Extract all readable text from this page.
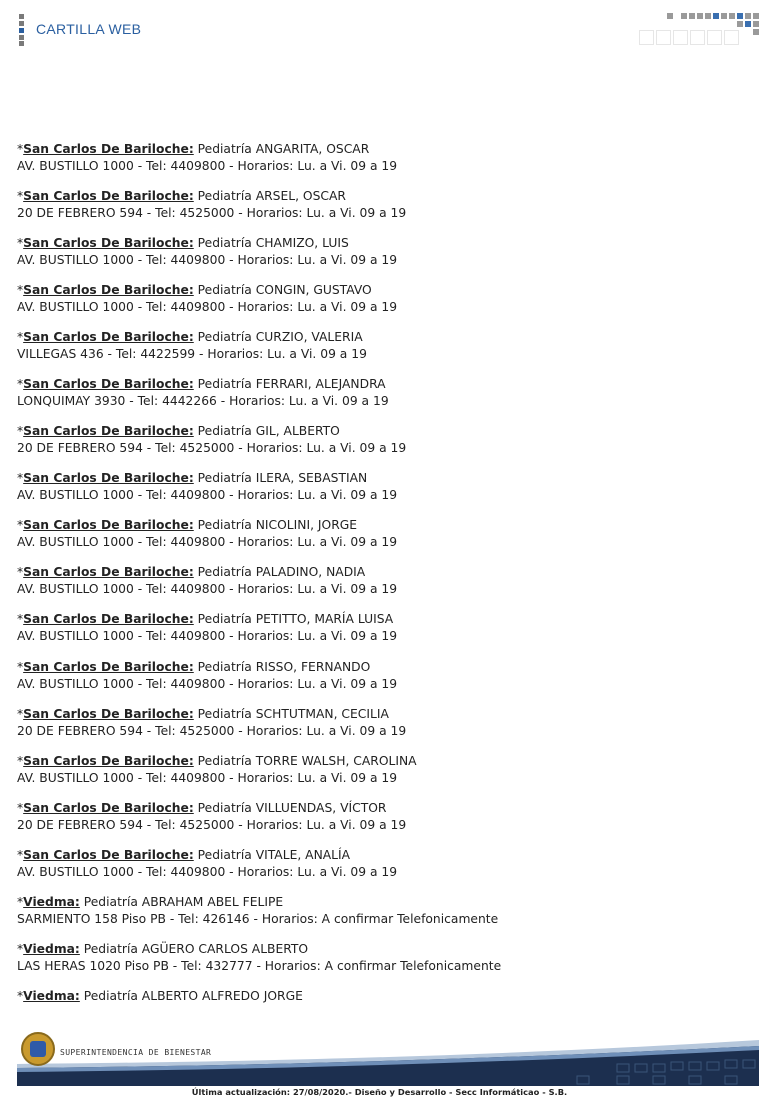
CARTILLA WEB
*San Carlos De Bariloche: Pediatría ANGARITA, OSCAR
AV. BUSTILLO 1000 - Tel: 4409800 - Horarios: Lu. a Vi. 09 a 19
*San Carlos De Bariloche: Pediatría ARSEL, OSCAR
20 DE FEBRERO 594 - Tel: 4525000 - Horarios: Lu. a Vi. 09 a 19
*San Carlos De Bariloche: Pediatría CHAMIZO, LUIS
AV. BUSTILLO 1000 - Tel: 4409800 - Horarios: Lu. a Vi. 09 a 19
*San Carlos De Bariloche: Pediatría CONGIN, GUSTAVO
AV. BUSTILLO 1000 - Tel: 4409800 - Horarios: Lu. a Vi. 09 a 19
*San Carlos De Bariloche: Pediatría CURZIO, VALERIA
VILLEGAS 436 - Tel: 4422599 - Horarios: Lu. a Vi. 09 a 19
*San Carlos De Bariloche: Pediatría FERRARI, ALEJANDRA
LONQUIMAY 3930 - Tel: 4442266 - Horarios: Lu. a Vi. 09 a 19
*San Carlos De Bariloche: Pediatría GIL, ALBERTO
20 DE FEBRERO 594 - Tel: 4525000 - Horarios: Lu. a Vi. 09 a 19
*San Carlos De Bariloche: Pediatría ILERA, SEBASTIAN
AV. BUSTILLO 1000 - Tel: 4409800 - Horarios: Lu. a Vi. 09 a 19
*San Carlos De Bariloche: Pediatría NICOLINI, JORGE
AV. BUSTILLO 1000 - Tel: 4409800 - Horarios: Lu. a Vi. 09 a 19
*San Carlos De Bariloche: Pediatría PALADINO, NADIA
AV. BUSTILLO 1000 - Tel: 4409800 - Horarios: Lu. a Vi. 09 a 19
*San Carlos De Bariloche: Pediatría PETITTO, MARÍA LUISA
AV. BUSTILLO 1000 - Tel: 4409800 - Horarios: Lu. a Vi. 09 a 19
*San Carlos De Bariloche: Pediatría RISSO, FERNANDO
AV. BUSTILLO 1000 - Tel: 4409800 - Horarios: Lu. a Vi. 09 a 19
*San Carlos De Bariloche: Pediatría SCHTUTMAN, CECILIA
20 DE FEBRERO 594 - Tel: 4525000 - Horarios: Lu. a Vi. 09 a 19
*San Carlos De Bariloche: Pediatría TORRE WALSH, CAROLINA
AV. BUSTILLO 1000 - Tel: 4409800 - Horarios: Lu. a Vi. 09 a 19
*San Carlos De Bariloche: Pediatría VILLUENDAS, VÍCTOR
20 DE FEBRERO 594 - Tel: 4525000 - Horarios: Lu. a Vi. 09 a 19
*San Carlos De Bariloche: Pediatría VITALE, ANALÍA
AV. BUSTILLO 1000 - Tel: 4409800 - Horarios: Lu. a Vi. 09 a 19
*Viedma: Pediatría ABRAHAM ABEL FELIPE
SARMIENTO 158 Piso PB - Tel: 426146 - Horarios: A confirmar Telefonicamente
*Viedma: Pediatría AGÜERO CARLOS ALBERTO
LAS HERAS 1020 Piso PB - Tel: 432777 - Horarios: A confirmar Telefonicamente
*Viedma: Pediatría ALBERTO ALFREDO JORGE
SUPERINTENDENCIA DE BIENESTAR
Última actualización: 27/08/2020.- Diseño y Desarrollo - Secc Informáticao - S.B.
